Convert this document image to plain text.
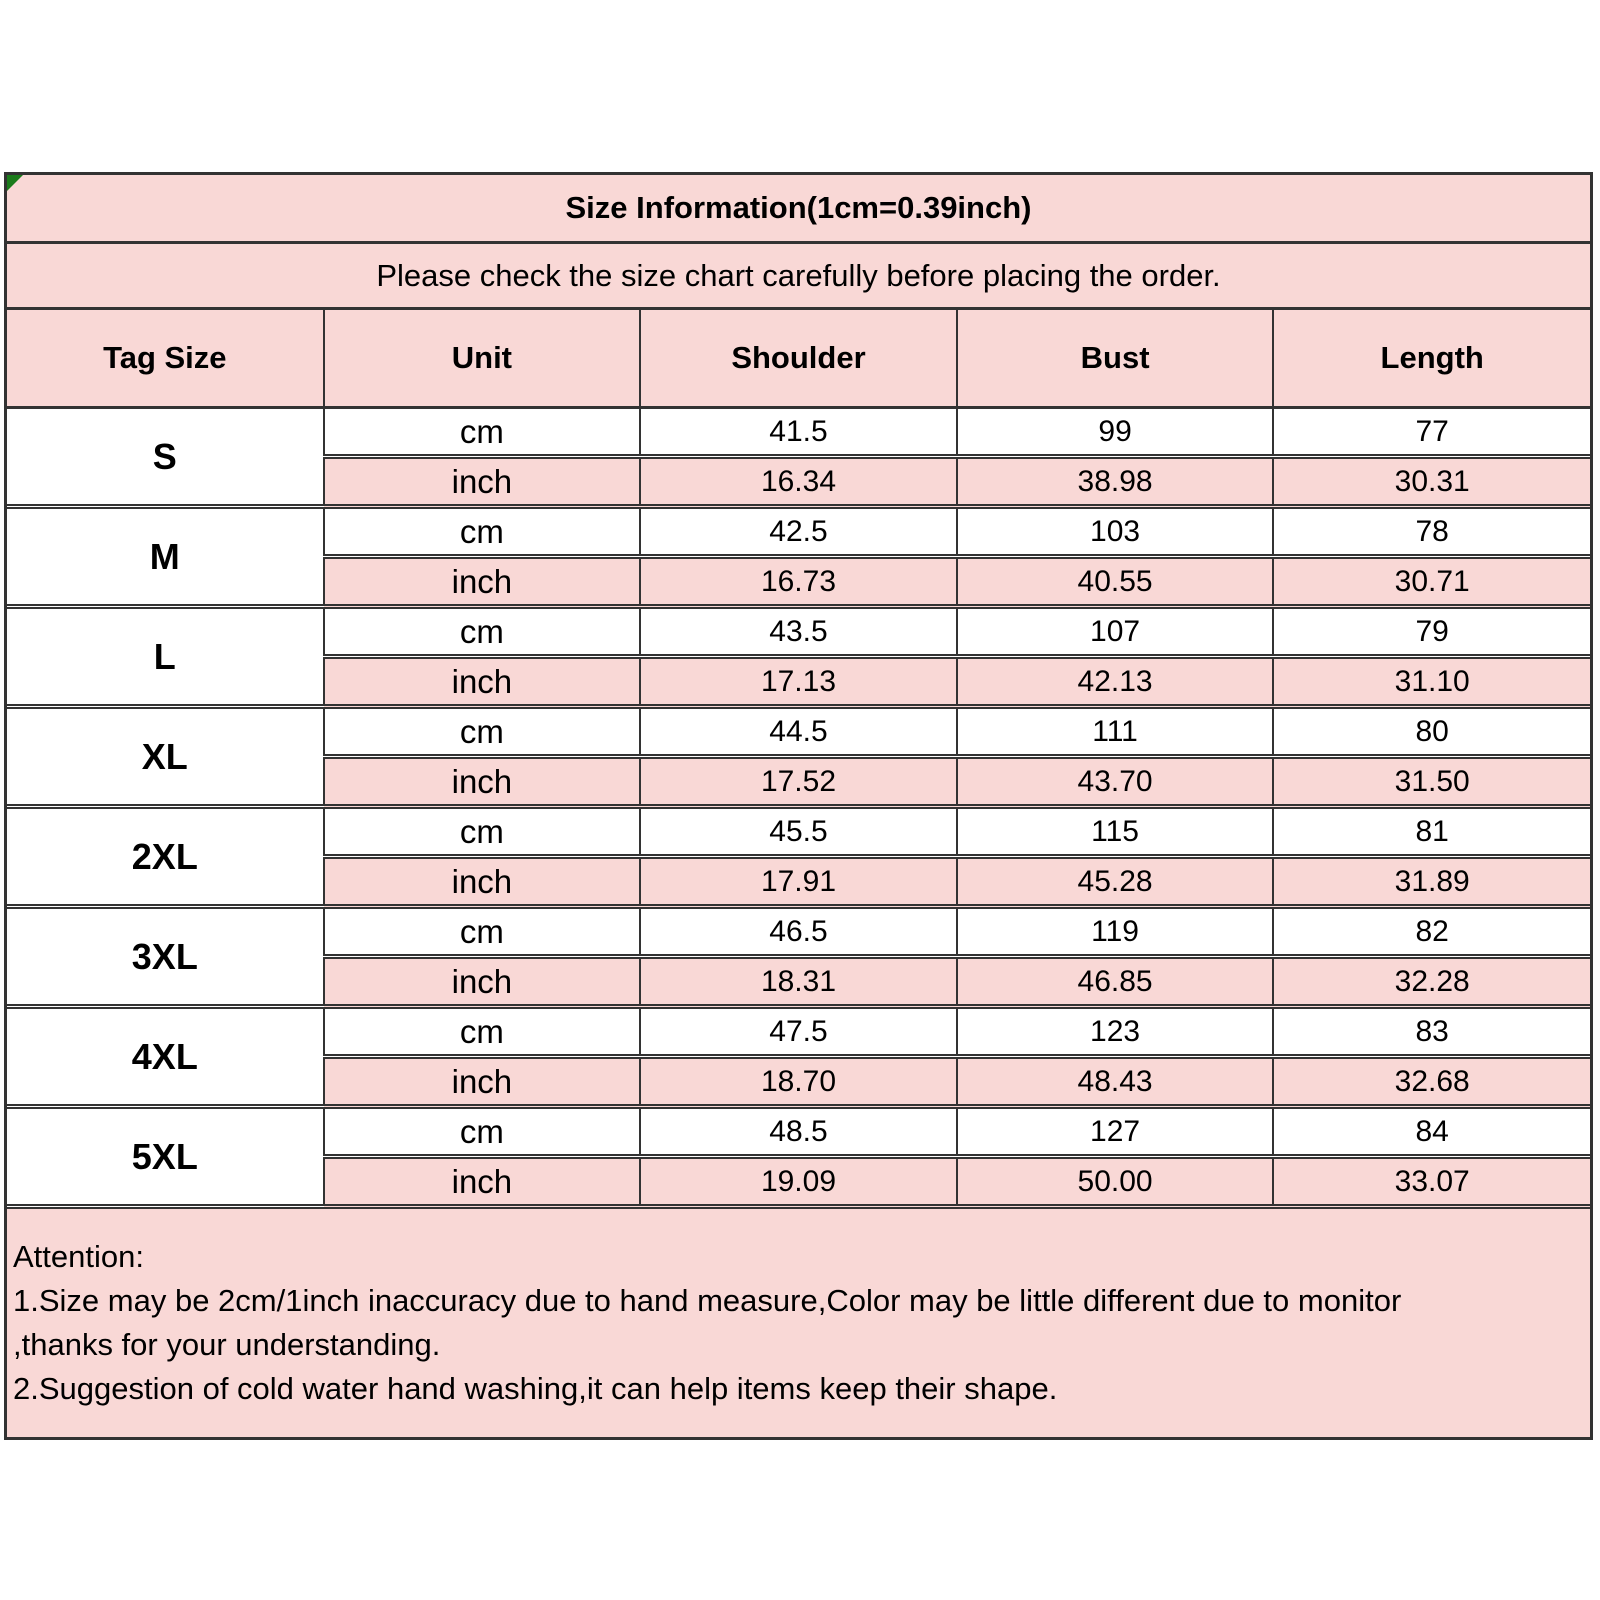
Size Information(1cm=0.39inch)
Please check the size chart carefully before placing the order.
Tag Size	Unit	Shoulder	Bust	Length
S	cm	41.5	99	77
	inch	16.34	38.98	30.31
M	cm	42.5	103	78
	inch	16.73	40.55	30.71
L	cm	43.5	107	79
	inch	17.13	42.13	31.10
XL	cm	44.5	111	80
	inch	17.52	43.70	31.50
2XL	cm	45.5	115	81
	inch	17.91	45.28	31.89
3XL	cm	46.5	119	82
	inch	18.31	46.85	32.28
4XL	cm	47.5	123	83
	inch	18.70	48.43	32.68
5XL	cm	48.5	127	84
	inch	19.09	50.00	33.07
Attention:
1.Size may be 2cm/1inch inaccuracy due to hand measure,Color may be little different due to monitor
,thanks for your understanding.
2.Suggestion of cold water hand washing,it can help items keep their shape.
